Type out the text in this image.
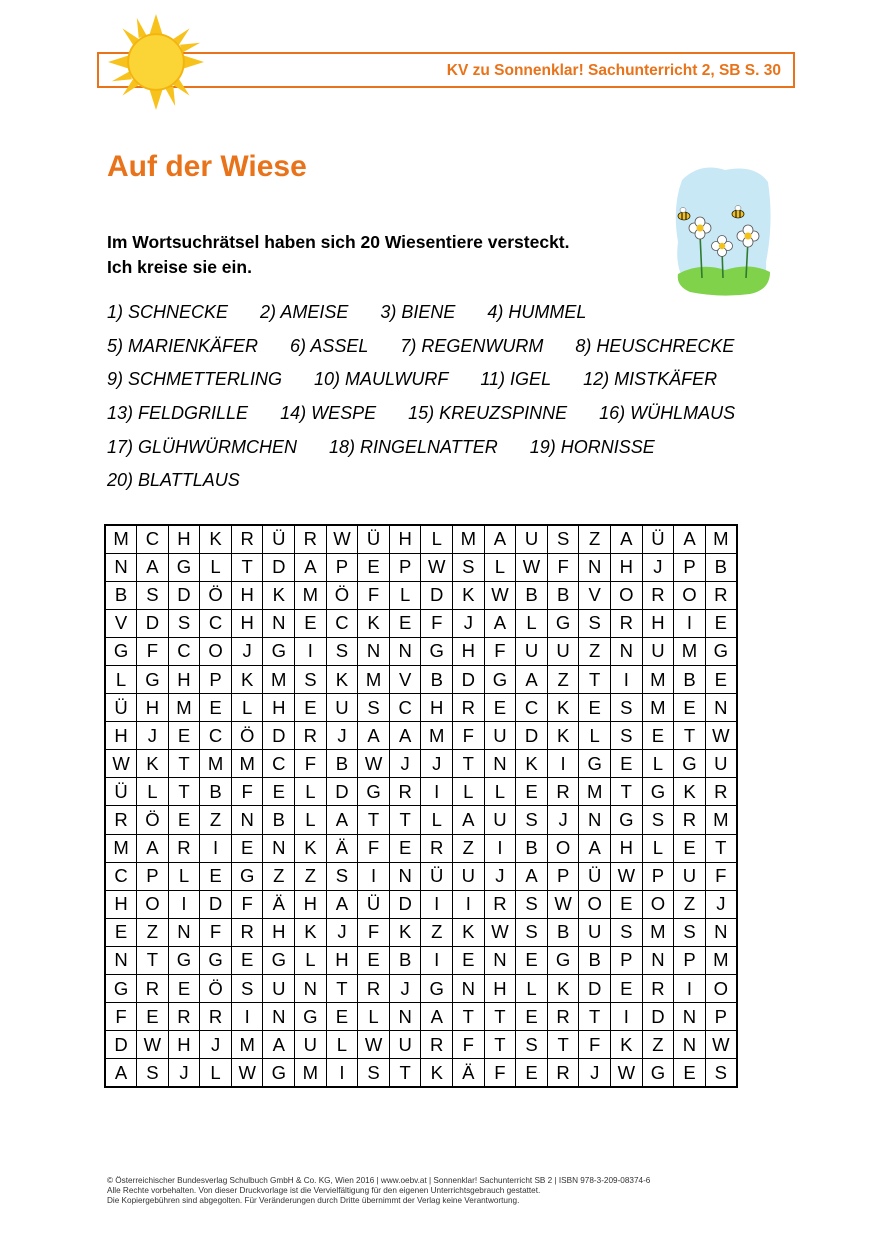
KV zu Sonnenklar! Sachunterricht 2, SB S. 30
Auf der Wiese
Im Wortsuchrätsel haben sich 20 Wiesentiere versteckt.
Ich kreise sie ein.
1) SCHNECKE 2) AMEISE 3) BIENE 4) HUMMEL
5) MARIENKÄFER 6) ASSEL 7) REGENWURM 8) HEUSCHRECKE
9) SCHMETTERLING 10) MAULWURF 11) IGEL 12) MISTKÄFER
13) FELDGRILLE 14) WESPE 15) KREUZSPINNE 16) WÜHLMAUS
17) GLÜHWÜRMCHEN 18) RINGELNATTER 19) HORNISSE
20) BLATTLAUS
M	C	H	K	R	Ü	R	W	Ü	H	L	M	A	U	S	Z	A	Ü	A	M
N	A	G	L	T	D	A	P	E	P	W	S	L	W	F	N	H	J	P	B
B	S	D	Ö	H	K	M	Ö	F	L	D	K	W	B	B	V	O	R	O	R
V	D	S	C	H	N	E	C	K	E	F	J	A	L	G	S	R	H	I	E
G	F	C	O	J	G	I	S	N	N	G	H	F	U	U	Z	N	U	M	G
L	G	H	P	K	M	S	K	M	V	B	D	G	A	Z	T	I	M	B	E
Ü	H	M	E	L	H	E	U	S	C	H	R	E	C	K	E	S	M	E	N
H	J	E	C	Ö	D	R	J	A	A	M	F	U	D	K	L	S	E	T	W
W	K	T	M	M	C	F	B	W	J	J	T	N	K	I	G	E	L	G	U
Ü	L	T	B	F	E	L	D	G	R	I	L	L	E	R	M	T	G	K	R
R	Ö	E	Z	N	B	L	A	T	T	L	A	U	S	J	N	G	S	R	M
M	A	R	I	E	N	K	Ä	F	E	R	Z	I	B	O	A	H	L	E	T
C	P	L	E	G	Z	Z	S	I	N	Ü	U	J	A	P	Ü	W	P	U	F
H	O	I	D	F	Ä	H	A	Ü	D	I	I	R	S	W	O	E	O	Z	J
E	Z	N	F	R	H	K	J	F	K	Z	K	W	S	B	U	S	M	S	N
N	T	G	G	E	G	L	H	E	B	I	E	N	E	G	B	P	N	P	M
G	R	E	Ö	S	U	N	T	R	J	G	N	H	L	K	D	E	R	I	O
F	E	R	R	I	N	G	E	L	N	A	T	T	E	R	T	I	D	N	P
D	W	H	J	M	A	U	L	W	U	R	F	T	S	T	F	K	Z	N	W
A	S	J	L	W	G	M	I	S	T	K	Ä	F	E	R	J	W	G	E	S
© Österreichischer Bundesverlag Schulbuch GmbH & Co. KG, Wien 2016 | www.oebv.at | Sonnenklar! Sachunterricht SB 2 | ISBN 978-3-209-08374-6
Alle Rechte vorbehalten. Von dieser Druckvorlage ist die Vervielfältigung für den eigenen Unterrichtsgebrauch gestattet.
Die Kopiergebühren sind abgegolten. Für Veränderungen durch Dritte übernimmt der Verlag keine Verantwortung.
